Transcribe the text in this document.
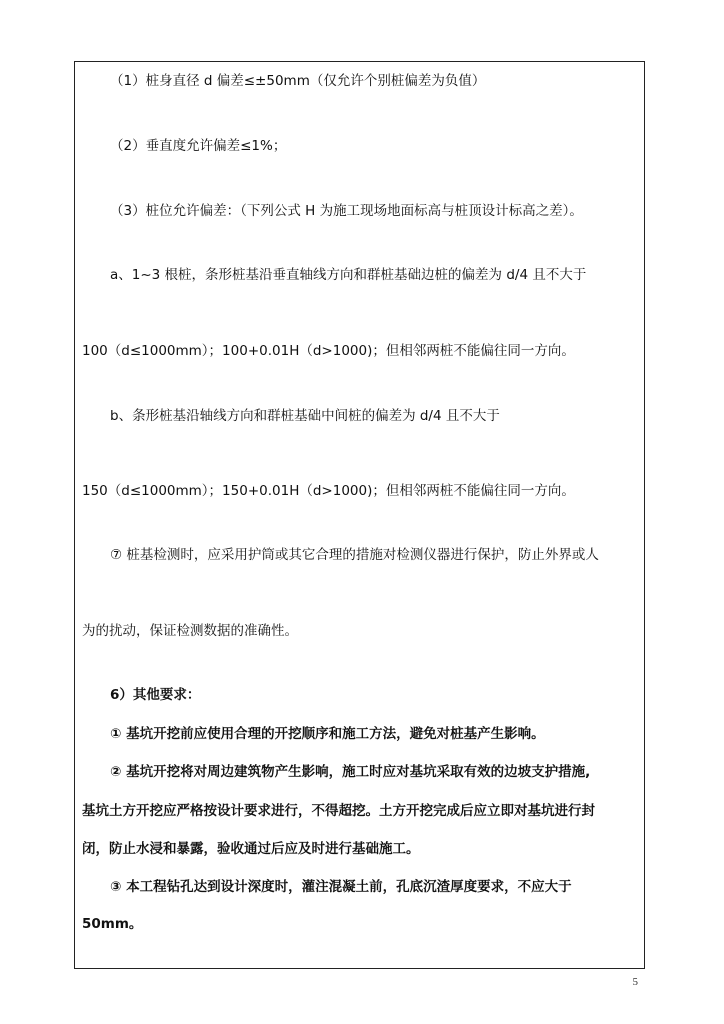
（1）桩身直径 d 偏差≤±50mm（仅允许个别桩偏差为负值）
（2）垂直度允许偏差≤1%；
（3）桩位允许偏差：（下列公式 H 为施工现场地面标高与桩顶设计标高之差）。
a、1~3 根桩，条形桩基沿垂直轴线方向和群桩基础边桩的偏差为 d/4 且不大于
100（d≤1000mm）；100+0.01H（d>1000)；但相邻两桩不能偏往同一方向。
b、条形桩基沿轴线方向和群桩基础中间桩的偏差为 d/4 且不大于
150（d≤1000mm）；150+0.01H（d>1000)；但相邻两桩不能偏往同一方向。
⑦ 桩基检测时，应采用护筒或其它合理的措施对检测仪器进行保护，防止外界或人
为的扰动，保证检测数据的准确性。
6）其他要求：
① 基坑开挖前应使用合理的开挖顺序和施工方法，避免对桩基产生影响。
② 基坑开挖将对周边建筑物产生影响，施工时应对基坑采取有效的边坡支护措施,
基坑土方开挖应严格按设计要求进行，不得超挖。土方开挖完成后应立即对基坑进行封
闭，防止水浸和暴露，验收通过后应及时进行基础施工。
③ 本工程钻孔达到设计深度时，灌注混凝土前，孔底沉渣厚度要求，不应大于
50mm。
5
